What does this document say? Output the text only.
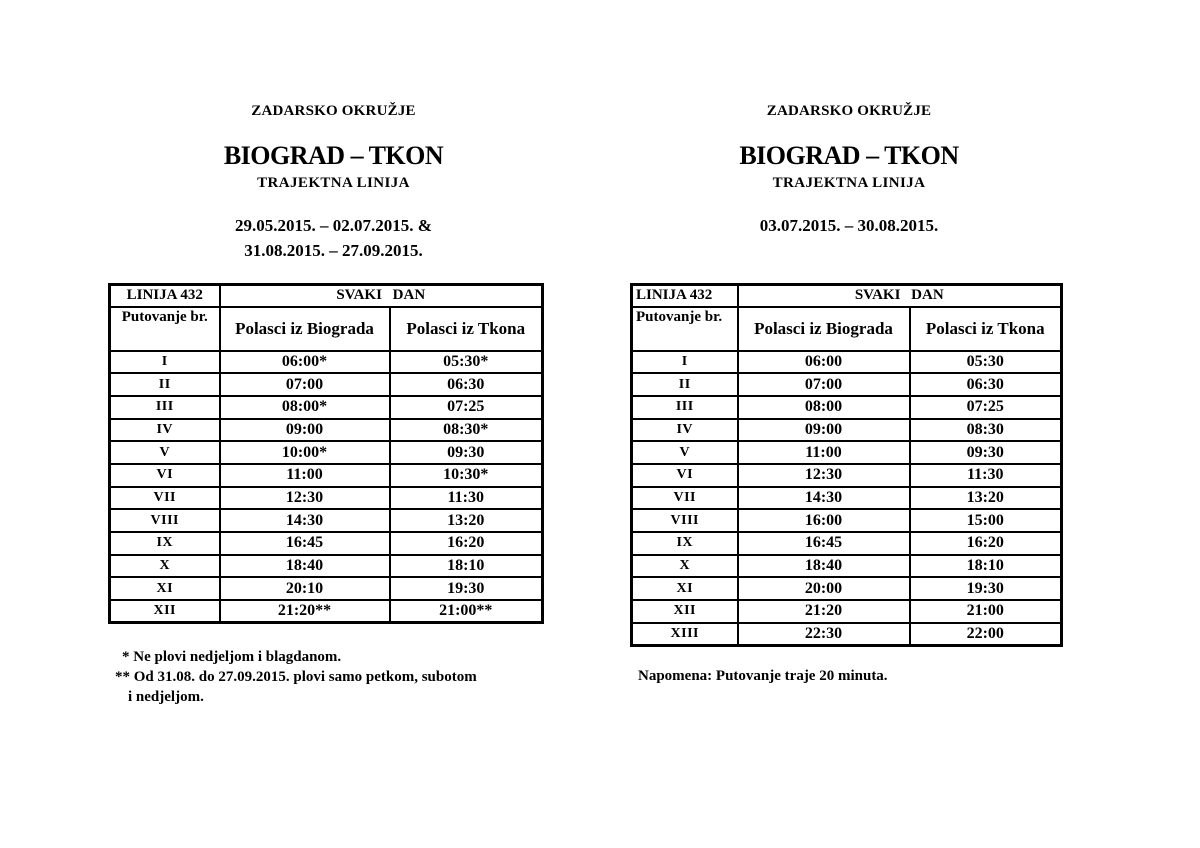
ZADARSKO OKRUŽJE
BIOGRAD – TKON
TRAJEKTNA LINIJA
29.05.2015. – 02.07.2015. &
31.08.2015. – 27.09.2015.
LINIJA 432	SVAKI DAN	
Putovanje br.	Polasci iz Biograda	Polasci iz Tkona
I	06:00*	05:30*
II	07:00	06:30
III	08:00*	07:25
IV	09:00	08:30*
V	10:00*	09:30
VI	11:00	10:30*
VII	12:30	11:30
VIII	14:30	13:20
IX	16:45	16:20
X	18:40	18:10
XI	20:10	19:30
XII	21:20**	21:00**
* Ne plovi nedjeljom i blagdanom.
** Od 31.08. do 27.09.2015. plovi samo petkom, subotom
i nedjeljom.
ZADARSKO OKRUŽJE
BIOGRAD – TKON
TRAJEKTNA LINIJA
03.07.2015. – 30.08.2015.
LINIJA 432	SVAKI DAN	
Putovanje br.	Polasci iz Biograda	Polasci iz Tkona
I	06:00	05:30
II	07:00	06:30
III	08:00	07:25
IV	09:00	08:30
V	11:00	09:30
VI	12:30	11:30
VII	14:30	13:20
VIII	16:00	15:00
IX	16:45	16:20
X	18:40	18:10
XI	20:00	19:30
XII	21:20	21:00
XIII	22:30	22:00
Napomena: Putovanje traje 20 minuta.
